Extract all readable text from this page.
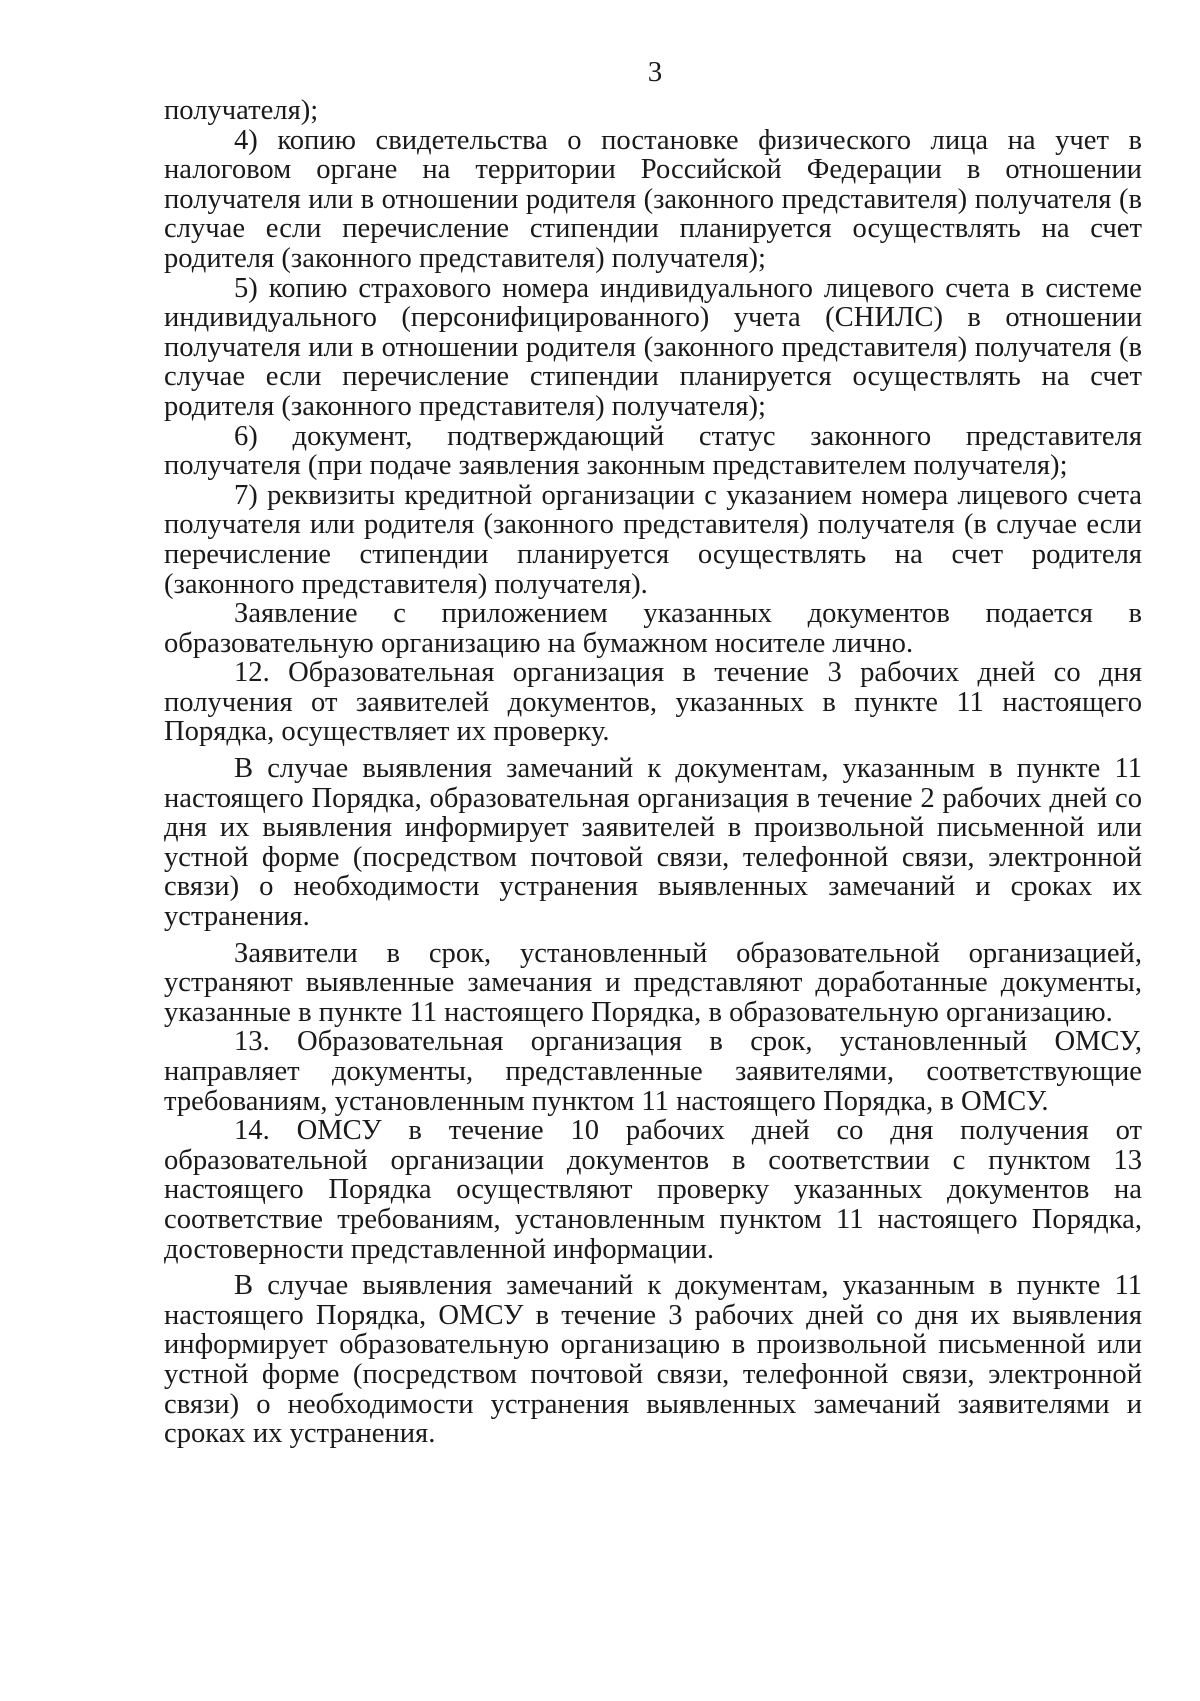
3

получателя);

4) копию свидетельства о постановке физического лица на учет в налоговом органе на территории Российской Федерации в отношении получателя или в отношении родителя (законного представителя) получателя (в случае если перечисление стипендии планируется осуществлять на счет родителя (законного представителя) получателя);

5) копию страхового номера индивидуального лицевого счета в системе индивидуального (персонифицированного) учета (СНИЛС) в отношении получателя или в отношении родителя (законного представителя) получателя (в случае если перечисление стипендии планируется осуществлять на счет родителя (законного представителя) получателя);

6) документ, подтверждающий статус законного представителя получателя (при подаче заявления законным представителем получателя);

7) реквизиты кредитной организации с указанием номера лицевого счета получателя или родителя (законного представителя) получателя (в случае если перечисление стипендии планируется осуществлять на счет родителя (законного представителя) получателя).

Заявление с приложением указанных документов подается в образовательную организацию на бумажном носителе лично.

12. Образовательная организация в течение 3 рабочих дней со дня получения от заявителей документов, указанных в пункте 11 настоящего Порядка, осуществляет их проверку.

В случае выявления замечаний к документам, указанным в пункте 11 настоящего Порядка, образовательная организация в течение 2 рабочих дней со дня их выявления информирует заявителей в произвольной письменной или устной форме (посредством почтовой связи, телефонной связи, электронной связи) о необходимости устранения выявленных замечаний и сроках их устранения.

Заявители в срок, установленный образовательной организацией, устраняют выявленные замечания и представляют доработанные документы, указанные в пункте 11 настоящего Порядка, в образовательную организацию.

13. Образовательная организация в срок, установленный ОМСУ, направляет документы, представленные заявителями, соответствующие требованиям, установленным пунктом 11 настоящего Порядка, в ОМСУ.

14. ОМСУ в течение 10 рабочих дней со дня получения от образовательной организации документов в соответствии с пунктом 13 настоящего Порядка осуществляют проверку указанных документов на соответствие требованиям, установленным пунктом 11 настоящего Порядка, достоверности представленной информации.

В случае выявления замечаний к документам, указанным в пункте 11 настоящего Порядка, ОМСУ в течение 3 рабочих дней со дня их выявления информирует образовательную организацию в произвольной письменной или устной форме (посредством почтовой связи, телефонной связи, электронной связи) о необходимости устранения выявленных замечаний заявителями и сроках их устранения.
